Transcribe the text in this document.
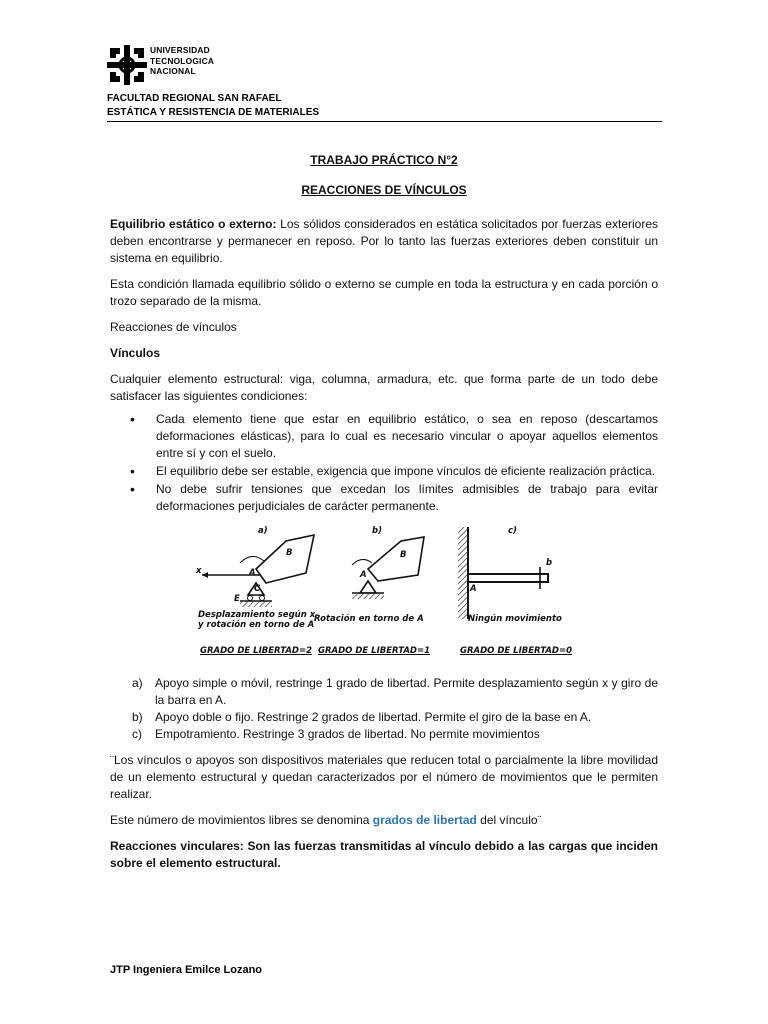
UNIVERSIDAD
TECNOLOGICA
NACIONAL
FACULTAD REGIONAL SAN RAFAEL
ESTÁTICA Y RESISTENCIA DE MATERIALES
TRABAJO PRÁCTICO N°2
REACCIONES DE VÍNCULOS

Equilibrio estático o externo: Los sólidos considerados en estática solicitados por fuerzas exteriores deben encontrarse y permanecer en reposo. Por lo tanto las fuerzas exteriores deben constituir un sistema en equilibrio.

Esta condición llamada equilibrio sólido o externo se cumple en toda la estructura y en cada porción o trozo separado de la misma.

Reacciones de vínculos

Vínculos

Cualquier elemento estructural: viga, columna, armadura, etc. que forma parte de un todo debe satisfacer las siguientes condiciones:

• Cada elemento tiene que estar en equilibrio estático, o sea en reposo (descartamos deformaciones elásticas), para lo cual es necesario vincular o apoyar aquellos elementos entre sí y con el suelo.
• El equilibrio debe ser estable, exigencia que impone vínculos de eficiente realización práctica.
• No debe sufrir tensiones que excedan los límites admisibles de trabajo para evitar deformaciones perjudiciales de carácter permanente.
a)	b)	c)
B
A
C
E
x
B
A
A
b
Desplazamiento según x
y rotación en torno de A
Rotación en torno de A	Ningún movimiento
GRADO DE LIBERTAD=2 GRADO DE LIBERTAD=1	GRADO DE LIBERTAD=0
a) Apoyo simple o móvil, restringe 1 grado de libertad. Permite desplazamiento según x y giro de la barra en A.
b) Apoyo doble o fijo. Restringe 2 grados de libertad. Permite el giro de la base en A.
c) Empotramiento. Restringe 3 grados de libertad. No permite movimientos

¨Los vínculos o apoyos son dispositivos materiales que reducen total o parcialmente la libre movilidad de un elemento estructural y quedan caracterizados por el número de movimientos que le permiten realizar.

Este número de movimientos libres se denomina grados de libertad del vínculo¨

Reacciones vinculares: Son las fuerzas transmitidas al vínculo debido a las cargas que inciden sobre el elemento estructural.

JTP Ingeniera Emilce Lozano
